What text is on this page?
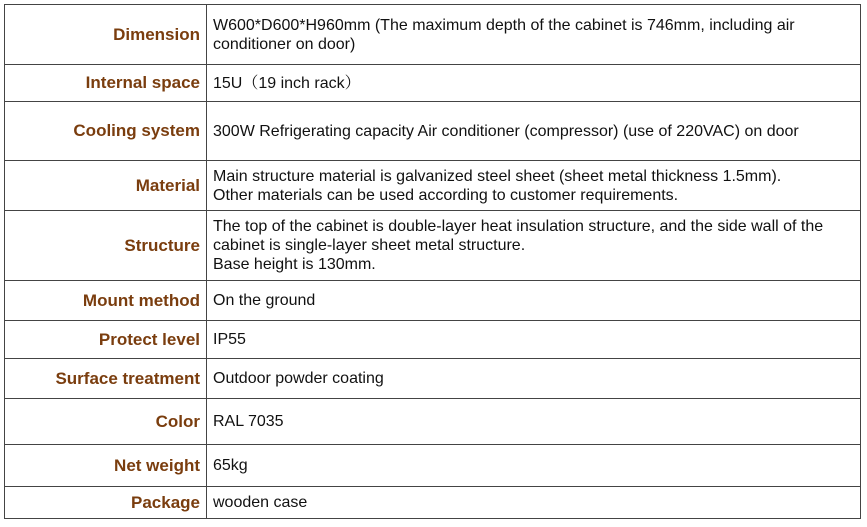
Dimension	W600*D600*H960mm (The maximum depth of the cabinet is 746mm, including air conditioner on door)
Internal space	15U（19 inch rack）
Cooling system	300W Refrigerating capacity Air conditioner (compressor) (use of 220VAC) on door
Material	Main structure material is galvanized steel sheet (sheet metal thickness 1.5mm).
Other materials can be used according to customer requirements.
Structure	The top of the cabinet is double-layer heat insulation structure, and the side wall of the cabinet is single-layer sheet metal structure.
Base height is 130mm.
Mount method	On the ground
Protect level	IP55
Surface treatment	Outdoor powder coating
Color	RAL 7035
Net weight	65kg
Package	wooden case
